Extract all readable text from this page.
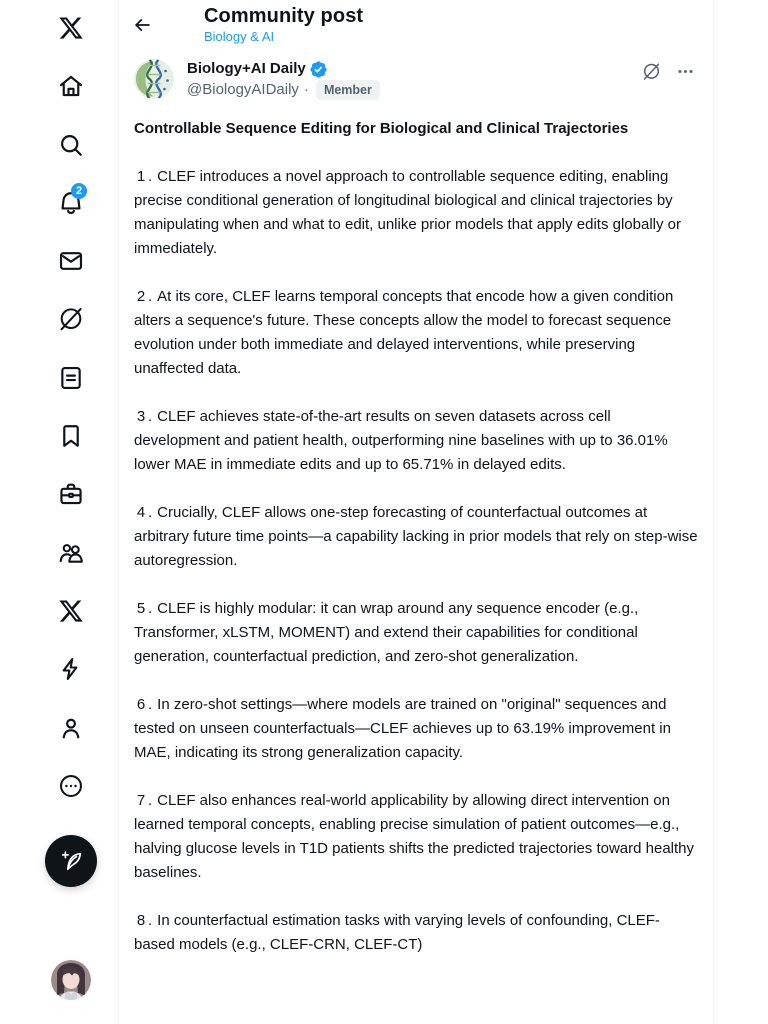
2
Community post
Biology & AI
Biology+AI Daily
@BiologyAIDaily ·	Member

Controllable Sequence Editing for Biological and Clinical Trajectories

1 . CLEF introduces a novel approach to controllable sequence editing, enabling precise conditional generation of longitudinal biological and clinical trajectories by manipulating when and what to edit, unlike prior models that apply edits globally or immediately.

2 . At its core, CLEF learns temporal concepts that encode how a given condition alters a sequence's future. These concepts allow the model to forecast sequence evolution under both immediate and delayed interventions, while preserving unaffected data.

3 . CLEF achieves state-of-the-art results on seven datasets across cell development and patient health, outperforming nine baselines with up to 36.01% lower MAE in immediate edits and up to 65.71% in delayed edits.

4 . Crucially, CLEF allows one-step forecasting of counterfactual outcomes at arbitrary future time points—a capability lacking in prior models that rely on step-wise autoregression.

5 . CLEF is highly modular: it can wrap around any sequence encoder (e.g., Transformer, xLSTM, MOMENT) and extend their capabilities for conditional generation, counterfactual prediction, and zero-shot generalization.

6 . In zero-shot settings—where models are trained on "original" sequences and tested on unseen counterfactuals—CLEF achieves up to 63.19% improvement in MAE, indicating its strong generalization capacity.

7 . CLEF also enhances real-world applicability by allowing direct intervention on learned temporal concepts, enabling precise simulation of patient outcomes—e.g., halving glucose levels in T1D patients shifts the predicted trajectories toward healthy baselines.

8 . In counterfactual estimation tasks with varying levels of confounding, CLEF-based models (e.g., CLEF-CRN, CLEF-CT)
